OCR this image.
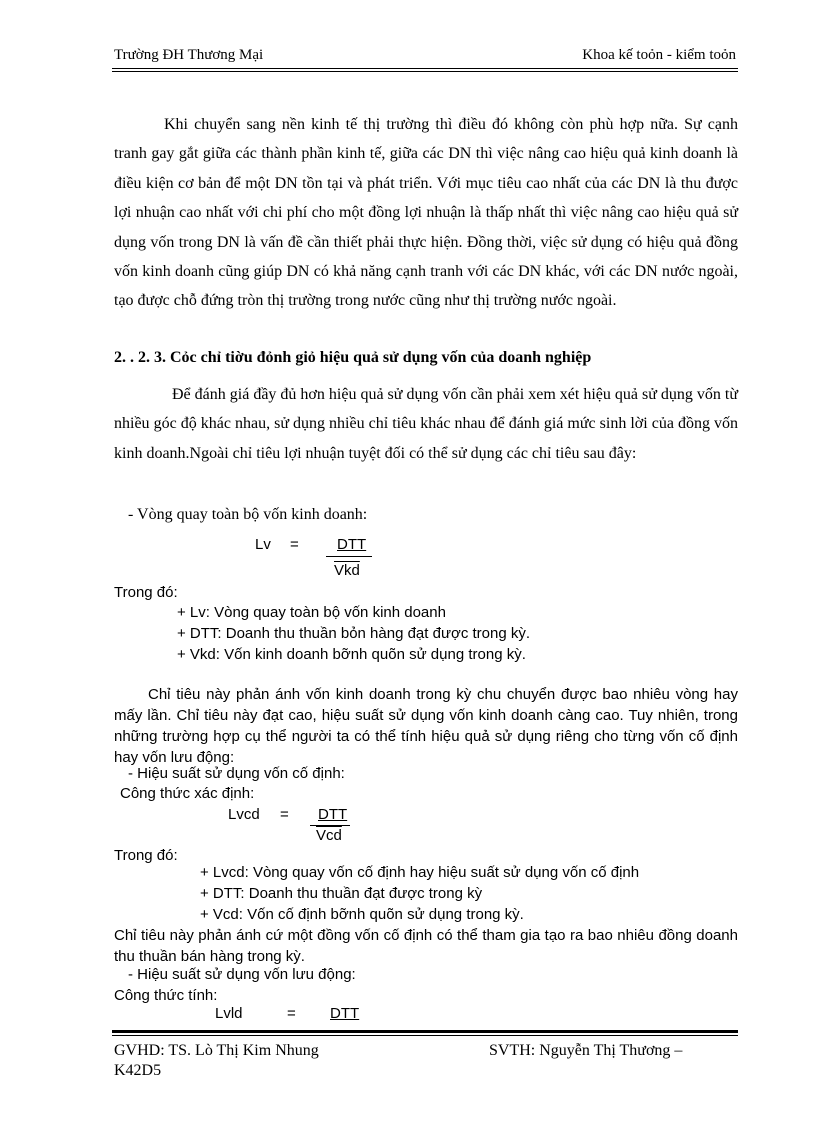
Trường ĐH Thương Mại	Khoa kế toỏn - kiểm toỏn

Khi chuyển sang nền kinh tế thị trường thì điều đó không còn phù hợp nữa. Sự cạnh tranh gay gắt giữa các thành phần kinh tế, giữa các DN thì việc nâng cao hiệu quả kinh doanh là điều kiện cơ bản để một DN tồn tại và phát triển. Với mục tiêu cao nhất của các DN là thu được lợi nhuận cao nhất với chi phí cho một đồng lợi nhuận là thấp nhất thì việc nâng cao hiệu quả sử dụng vốn trong DN là vấn đề cần thiết phải thực hiện. Đồng thời, việc sử dụng có hiệu quả đồng vốn kinh doanh cũng giúp DN có khả năng cạnh tranh với các DN khác, với các DN nước ngoài, tạo được chỗ đứng tròn thị trường trong nước cũng như thị trường nước ngoài.

2. . 2. 3. Cỏc chỉ tiờu đỏnh giỏ hiệu quả sử dụng vốn của doanh nghiệp

Để đánh giá đầy đủ hơn hiệu quả sử dụng vốn cần phải xem xét hiệu quả sử dụng vốn từ nhiều góc độ khác nhau, sử dụng nhiều chỉ tiêu khác nhau để đánh giá mức sinh lời của đồng vốn kinh doanh.Ngoài chỉ tiêu lợi nhuận tuyệt đối có thể sử dụng các chỉ tiêu sau đây:

- Vòng quay toàn bộ vốn kinh doanh:
Lv =	DTT
$\overline{Vkd}$
Trong đó:
+ Lv: Vòng quay toàn bộ vốn kinh doanh
+ DTT: Doanh thu thuần bỏn hàng đạt được trong kỳ.
+ Vkd: Vốn kinh doanh bỡnh quõn sử dụng trong kỳ.

Chỉ tiêu này phản ánh vốn kinh doanh trong kỳ chu chuyển được bao nhiêu vòng hay mấy lần. Chỉ tiêu này đạt cao, hiệu suất sử dụng vốn kinh doanh càng cao. Tuy nhiên, trong những trường hợp cụ thể người ta có thể tính hiệu quả sử dụng riêng cho từng vốn cố định hay vốn lưu động:

- Hiệu suất sử dụng vốn cố định:
Công thức xác định:
Lvcd = DTT
$\overline{Vcd}$
Trong đó:
+ Lvcd: Vòng quay vốn cố định hay hiệu suất sử dụng vốn cố định
+ DTT: Doanh thu thuần đạt được trong kỳ
+ Vcd: Vốn cố định bỡnh quõn sử dụng trong kỳ.

Chỉ tiêu này phản ánh cứ một đồng vốn cố định có thể tham gia tạo ra bao nhiêu đồng doanh thu thuần bán hàng trong kỳ.

- Hiệu suất sử dụng vốn lưu động:
Công thức tính:
Lvld	= DTT
GVHD: TS. Lò Thị Kim Nhung	SVTH: Nguyễn Thị Thương –
K42D5
